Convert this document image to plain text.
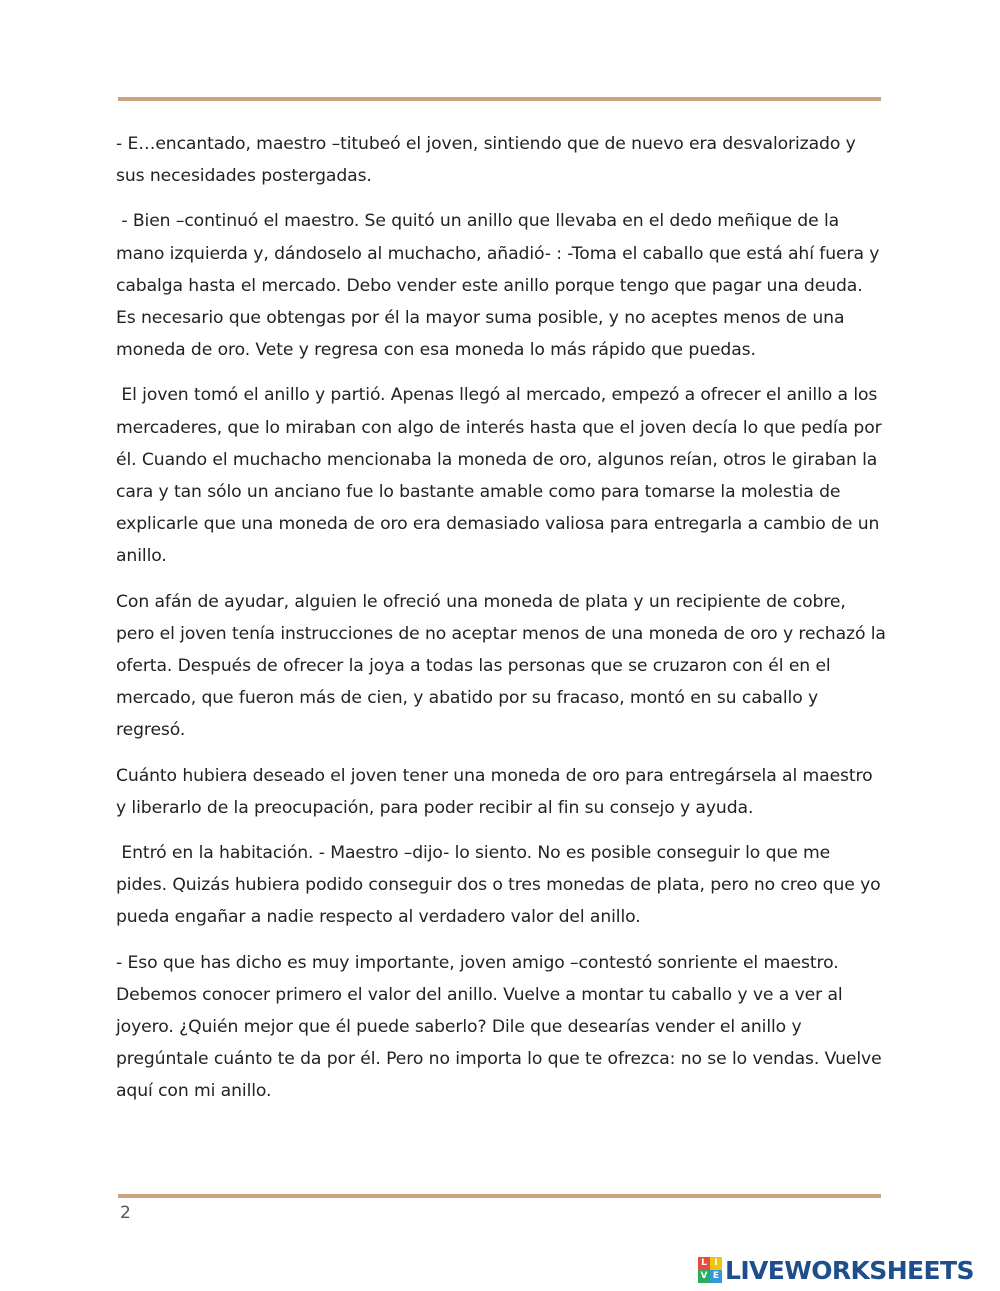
- E…encantado, maestro –titubeó el joven, sintiendo que de nuevo era desvalorizado y sus necesidades postergadas.

- Bien –continuó el maestro. Se quitó un anillo que llevaba en el dedo meñique de la mano izquierda y, dándoselo al muchacho, añadió- : -Toma el caballo que está ahí fuera y cabalga hasta el mercado. Debo vender este anillo porque tengo que pagar una deuda. Es necesario que obtengas por él la mayor suma posible, y no aceptes menos de una moneda de oro. Vete y regresa con esa moneda lo más rápido que puedas.

El joven tomó el anillo y partió. Apenas llegó al mercado, empezó a ofrecer el anillo a los mercaderes, que lo miraban con algo de interés hasta que el joven decía lo que pedía por él. Cuando el muchacho mencionaba la moneda de oro, algunos reían, otros le giraban la cara y tan sólo un anciano fue lo bastante amable como para tomarse la molestia de explicarle que una moneda de oro era demasiado valiosa para entregarla a cambio de un anillo.

Con afán de ayudar, alguien le ofreció una moneda de plata y un recipiente de cobre, pero el joven tenía instrucciones de no aceptar menos de una moneda de oro y rechazó la oferta. Después de ofrecer la joya a todas las personas que se cruzaron con él en el mercado, que fueron más de cien, y abatido por su fracaso, montó en su caballo y regresó.

Cuánto hubiera deseado el joven tener una moneda de oro para entregársela al maestro y liberarlo de la preocupación, para poder recibir al fin su consejo y ayuda.

Entró en la habitación. - Maestro –dijo- lo siento. No es posible conseguir lo que me pides. Quizás hubiera podido conseguir dos o tres monedas de plata, pero no creo que yo pueda engañar a nadie respecto al verdadero valor del anillo.

- Eso que has dicho es muy importante, joven amigo –contestó sonriente el maestro. Debemos conocer primero el valor del anillo. Vuelve a montar tu caballo y ve a ver al joyero. ¿Quién mejor que él puede saberlo? Dile que desearías vender el anillo y pregúntale cuánto te da por él. Pero no importa lo que te ofrezca: no se lo vendas. Vuelve aquí con mi anillo.

2
L I
V E LIVEWORKSHEETS
